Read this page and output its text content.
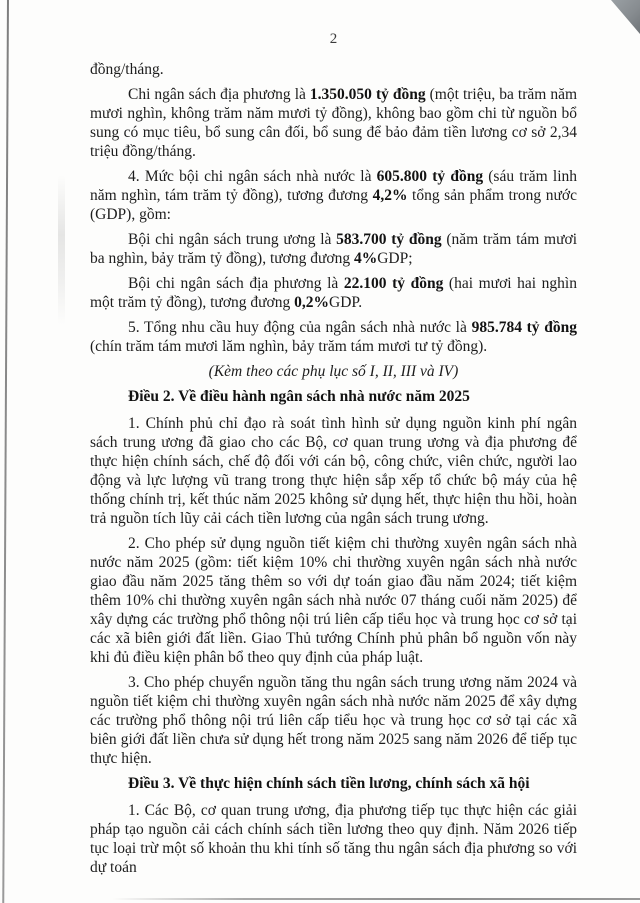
2

đồng/tháng.

Chi ngân sách địa phương là 1.350.050 tỷ đồng (một triệu, ba trăm năm mươi nghìn, không trăm năm mươi tỷ đồng), không bao gồm chi từ nguồn bổ sung có mục tiêu, bổ sung cân đối, bổ sung để bảo đảm tiền lương cơ sở 2,34 triệu đồng/tháng.

4. Mức bội chi ngân sách nhà nước là 605.800 tỷ đồng (sáu trăm linh năm nghìn, tám trăm tỷ đồng), tương đương 4,2% tổng sản phẩm trong nước (GDP), gồm:

Bội chi ngân sách trung ương là 583.700 tỷ đồng (năm trăm tám mươi ba nghìn, bảy trăm tỷ đồng), tương đương 4%GDP;

Bội chi ngân sách địa phương là 22.100 tỷ đồng (hai mươi hai nghìn một trăm tỷ đồng), tương đương 0,2%GDP.

5. Tổng nhu cầu huy động của ngân sách nhà nước là 985.784 tỷ đồng (chín trăm tám mươi lăm nghìn, bảy trăm tám mươi tư tỷ đồng).

(Kèm theo các phụ lục số I, II, III và IV)

Điều 2. Về điều hành ngân sách nhà nước năm 2025

1. Chính phủ chỉ đạo rà soát tình hình sử dụng nguồn kinh phí ngân sách trung ương đã giao cho các Bộ, cơ quan trung ương và địa phương để thực hiện chính sách, chế độ đối với cán bộ, công chức, viên chức, người lao động và lực lượng vũ trang trong thực hiện sắp xếp tổ chức bộ máy của hệ thống chính trị, kết thúc năm 2025 không sử dụng hết, thực hiện thu hồi, hoàn trả nguồn tích lũy cải cách tiền lương của ngân sách trung ương.

2. Cho phép sử dụng nguồn tiết kiệm chi thường xuyên ngân sách nhà nước năm 2025 (gồm: tiết kiệm 10% chi thường xuyên ngân sách nhà nước giao đầu năm 2025 tăng thêm so với dự toán giao đầu năm 2024; tiết kiệm thêm 10% chi thường xuyên ngân sách nhà nước 07 tháng cuối năm 2025) để xây dựng các trường phổ thông nội trú liên cấp tiểu học và trung học cơ sở tại các xã biên giới đất liền. Giao Thủ tướng Chính phủ phân bổ nguồn vốn này khi đủ điều kiện phân bổ theo quy định của pháp luật.

3. Cho phép chuyển nguồn tăng thu ngân sách trung ương năm 2024 và nguồn tiết kiệm chi thường xuyên ngân sách nhà nước năm 2025 để xây dựng các trường phổ thông nội trú liên cấp tiểu học và trung học cơ sở tại các xã biên giới đất liền chưa sử dụng hết trong năm 2025 sang năm 2026 để tiếp tục thực hiện.

Điều 3. Về thực hiện chính sách tiền lương, chính sách xã hội

1. Các Bộ, cơ quan trung ương, địa phương tiếp tục thực hiện các giải pháp tạo nguồn cải cách chính sách tiền lương theo quy định. Năm 2026 tiếp tục loại trừ một số khoản thu khi tính số tăng thu ngân sách địa phương so với dự toán
